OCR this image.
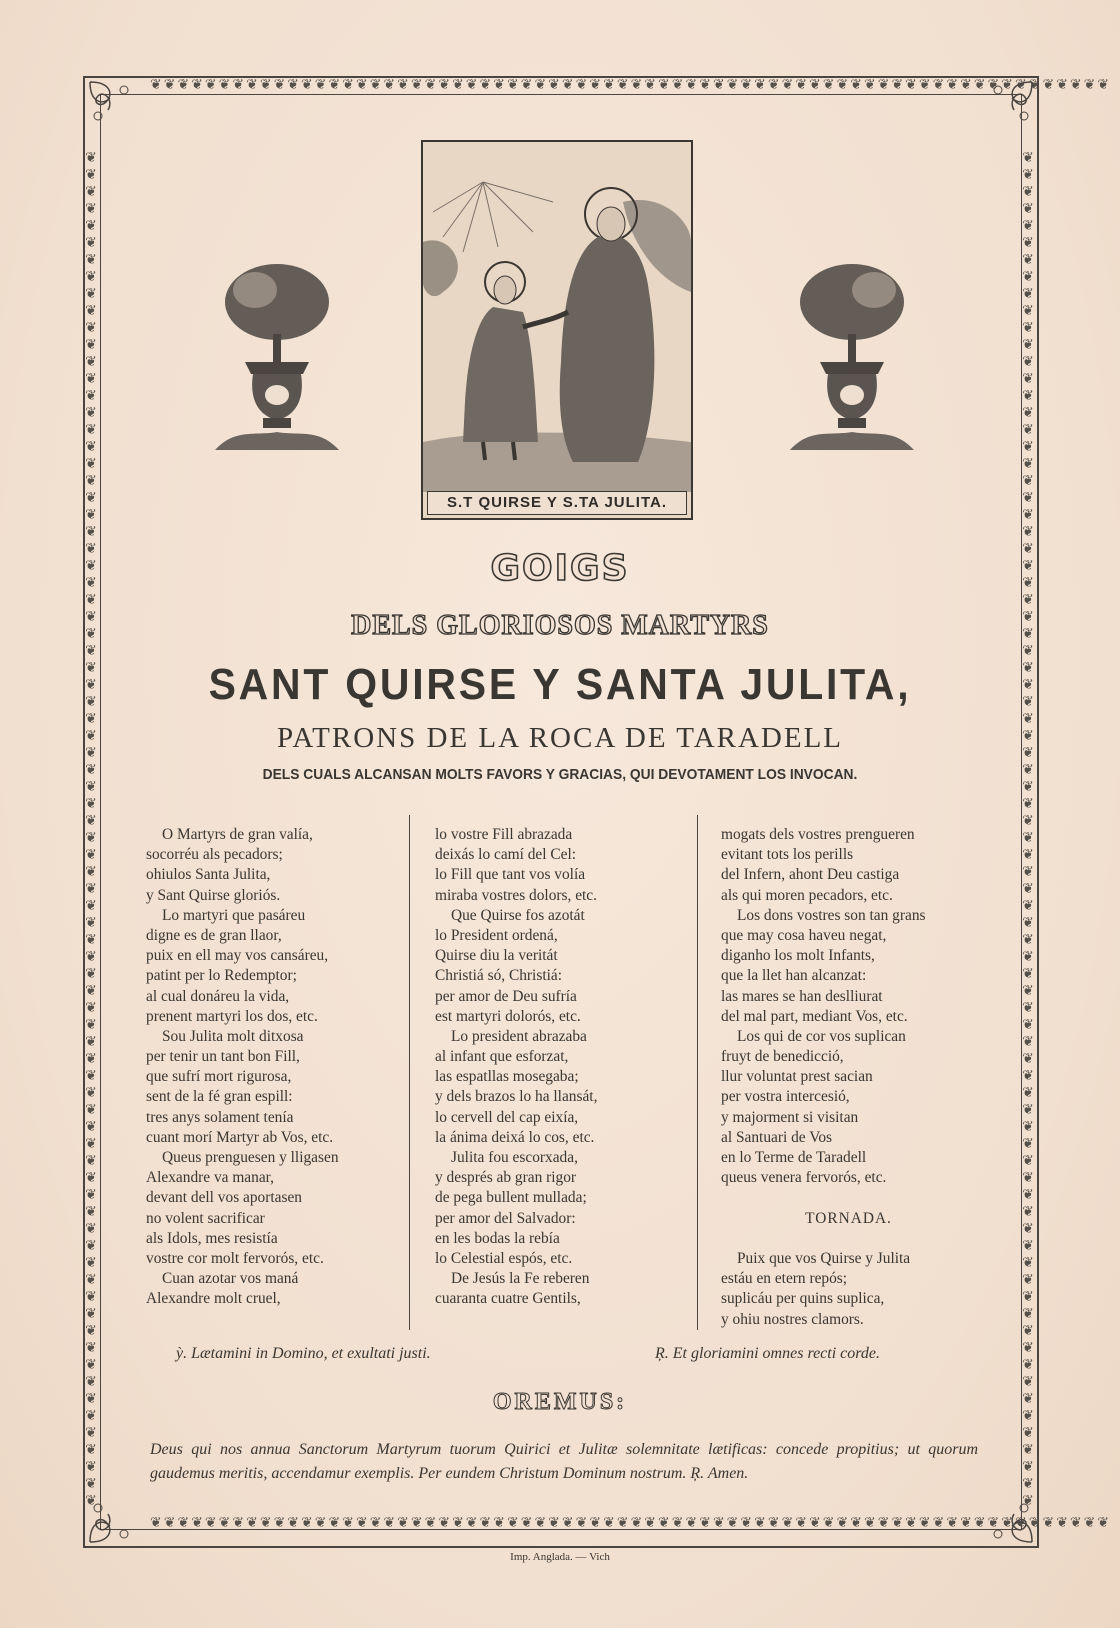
❦❦❦❦❦❦❦❦❦❦❦❦❦❦❦❦❦❦❦❦❦❦❦❦❦❦❦❦❦❦❦❦❦❦❦❦❦❦❦❦❦❦❦❦❦❦❦❦❦❦❦❦❦❦❦❦❦❦❦❦❦❦❦❦❦❦❦❦❦❦
❦❦❦❦❦❦❦❦❦❦❦❦❦❦❦❦❦❦❦❦❦❦❦❦❦❦❦❦❦❦❦❦❦❦❦❦❦❦❦❦❦❦❦❦❦❦❦❦❦❦❦❦❦❦❦❦❦❦❦❦❦❦❦❦❦❦❦❦❦❦
❦❦❦❦❦❦❦❦❦❦❦❦❦❦❦❦❦❦❦❦❦❦❦❦❦❦❦❦❦❦❦❦❦❦❦❦❦❦❦❦❦❦❦❦❦❦❦❦❦❦❦❦❦❦❦❦❦❦❦❦❦❦❦❦❦❦❦❦❦❦❦❦❦❦❦❦❦❦❦❦
❦❦❦❦❦❦❦❦❦❦❦❦❦❦❦❦❦❦❦❦❦❦❦❦❦❦❦❦❦❦❦❦❦❦❦❦❦❦❦❦❦❦❦❦❦❦❦❦❦❦❦❦❦❦❦❦❦❦❦❦❦❦❦❦❦❦❦❦❦❦❦❦❦❦❦❦❦❦❦❦
S.T QUIRSE Y S.TA JULITA.
GOIGS
DELS GLORIOSOS MARTYRS
SANT QUIRSE Y SANTA JULITA,
PATRONS DE LA ROCA DE TARADELL
DELS CUALS ALCANSAN MOLTS FAVORS Y GRACIAS, QUI DEVOTAMENT LOS INVOCAN.
O Martyrs de gran valía,
socorréu als pecadors;
ohiulos Santa Julita,
y Sant Quirse gloriós.
Lo martyri que pasáreu
digne es de gran llaor,
puix en ell may vos cansáreu,
patint per lo Redemptor;
al cual donáreu la vida,
prenent martyri los dos, etc.
Sou Julita molt ditxosa
per tenir un tant bon Fill,
que sufrí mort rigurosa,
sent de la fé gran espill:
tres anys solament tenía
cuant morí Martyr ab Vos, etc.
Queus prenguesen y lligasen
Alexandre va manar,
devant dell vos aportasen
no volent sacrificar
als Idols, mes resistía
vostre cor molt fervorós, etc.
Cuan azotar vos maná
Alexandre molt cruel,
lo vostre Fill abrazada
deixás lo camí del Cel:
lo Fill que tant vos volía
miraba vostres dolors, etc.
Que Quirse fos azotát
lo President ordená,
Quirse diu la veritát
Christiá só, Christiá:
per amor de Deu sufría
est martyri dolorós, etc.
Lo president abrazaba
al infant que esforzat,
las espatllas mosegaba;
y dels brazos lo ha llansát,
lo cervell del cap eixía,
la ánima deixá lo cos, etc.
Julita fou escorxada,
y després ab gran rigor
de pega bullent mullada;
per amor del Salvador:
en les bodas la rebía
lo Celestial espós, etc.
De Jesús la Fe reberen
cuaranta cuatre Gentils,
mogats dels vostres prengueren
evitant tots los perills
del Infern, ahont Deu castiga
als qui moren pecadors, etc.
Los dons vostres son tan grans
que may cosa haveu negat,
diganho los molt Infants,
que la llet han alcanzat:
las mares se han deslliurat
del mal part, mediant Vos, etc.
Los qui de cor vos suplican
fruyt de benedicció,
llur voluntat prest sacian
per vostra intercesió,
y majorment si visitan
al Santuari de Vos
en lo Terme de Taradell
queus venera fervorós, etc.
TORNADA.
Puix que vos Quirse y Julita
estáu en etern repós;
suplicáu per quins suplica,
y ohiu nostres clamors.
ỳ. Lætamini in Domino, et exultati justi.	Ŗ. Et gloriamini omnes recti corde.
OREMUS:
Deus qui nos annua Sanctorum Martyrum tuorum Quirici et Julitæ solemnitate lætificas: concede propitius; ut quorum gaudemus meritis, accendamur exemplis. Per eundem Christum Dominum nostrum. Ŗ. Amen.
Imp. Anglada. — Vich
